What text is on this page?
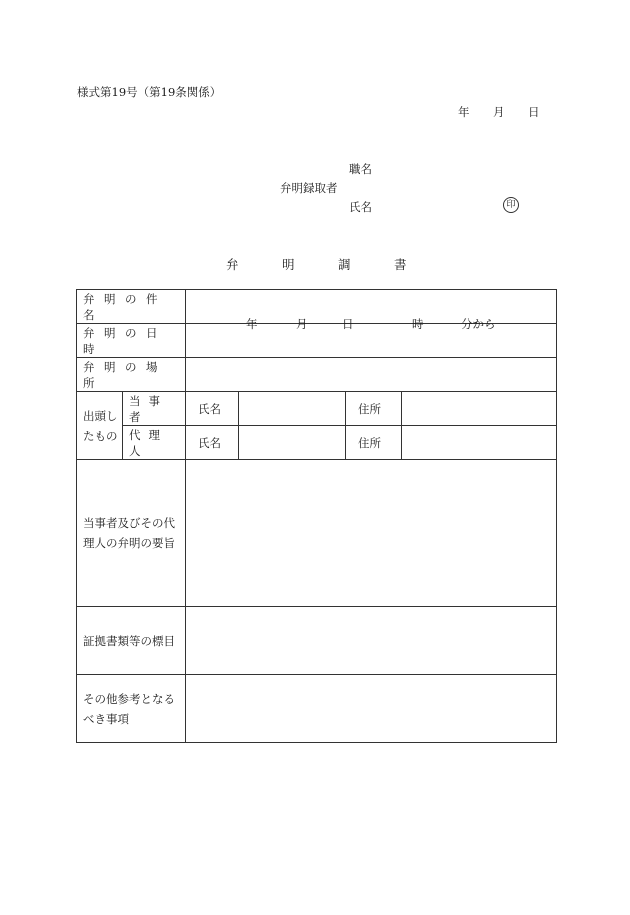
様式第19号（第19条関係）
年 月 日
職名
弁明録取者
氏名	印
弁	明	調	書
弁明の件名					
弁明の日時		年 月 日 時 分から			

弁明の場所					
出頭したもの	当事者	氏名		住所	
	代理人	氏名		住所	
当事者及びその代理人の弁明の要旨					
証拠書類等の標目					
その他参考となるべき事項					
